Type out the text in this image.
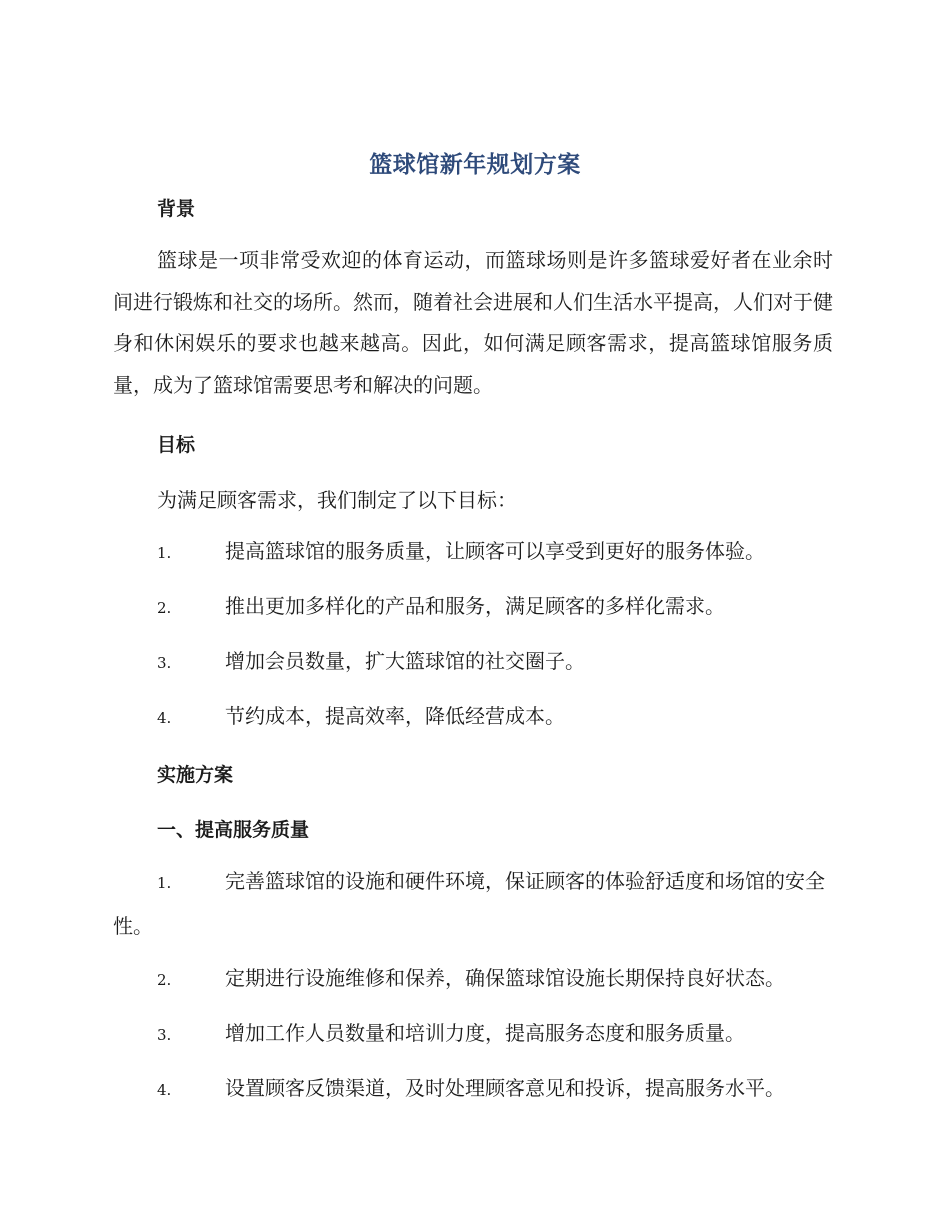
篮球馆新年规划方案
背景
篮球是一项非常受欢迎的体育运动，而篮球场则是许多篮球爱好者在业余时间进行锻炼和社交的场所。然而，随着社会进展和人们生活水平提高，人们对于健身和休闲娱乐的要求也越来越高。因此，如何满足顾客需求，提高篮球馆服务质量，成为了篮球馆需要思考和解决的问题。
目标
为满足顾客需求，我们制定了以下目标：
1.	提高篮球馆的服务质量，让顾客可以享受到更好的服务体验。
2.	推出更加多样化的产品和服务，满足顾客的多样化需求。
3.	增加会员数量，扩大篮球馆的社交圈子。
4.	节约成本，提高效率，降低经营成本。
实施方案
一、提高服务质量
1.	完善篮球馆的设施和硬件环境，保证顾客的体验舒适度和场馆的安全性。
2.	定期进行设施维修和保养，确保篮球馆设施长期保持良好状态。
3.	增加工作人员数量和培训力度，提高服务态度和服务质量。
4.	设置顾客反馈渠道，及时处理顾客意见和投诉，提高服务水平。
